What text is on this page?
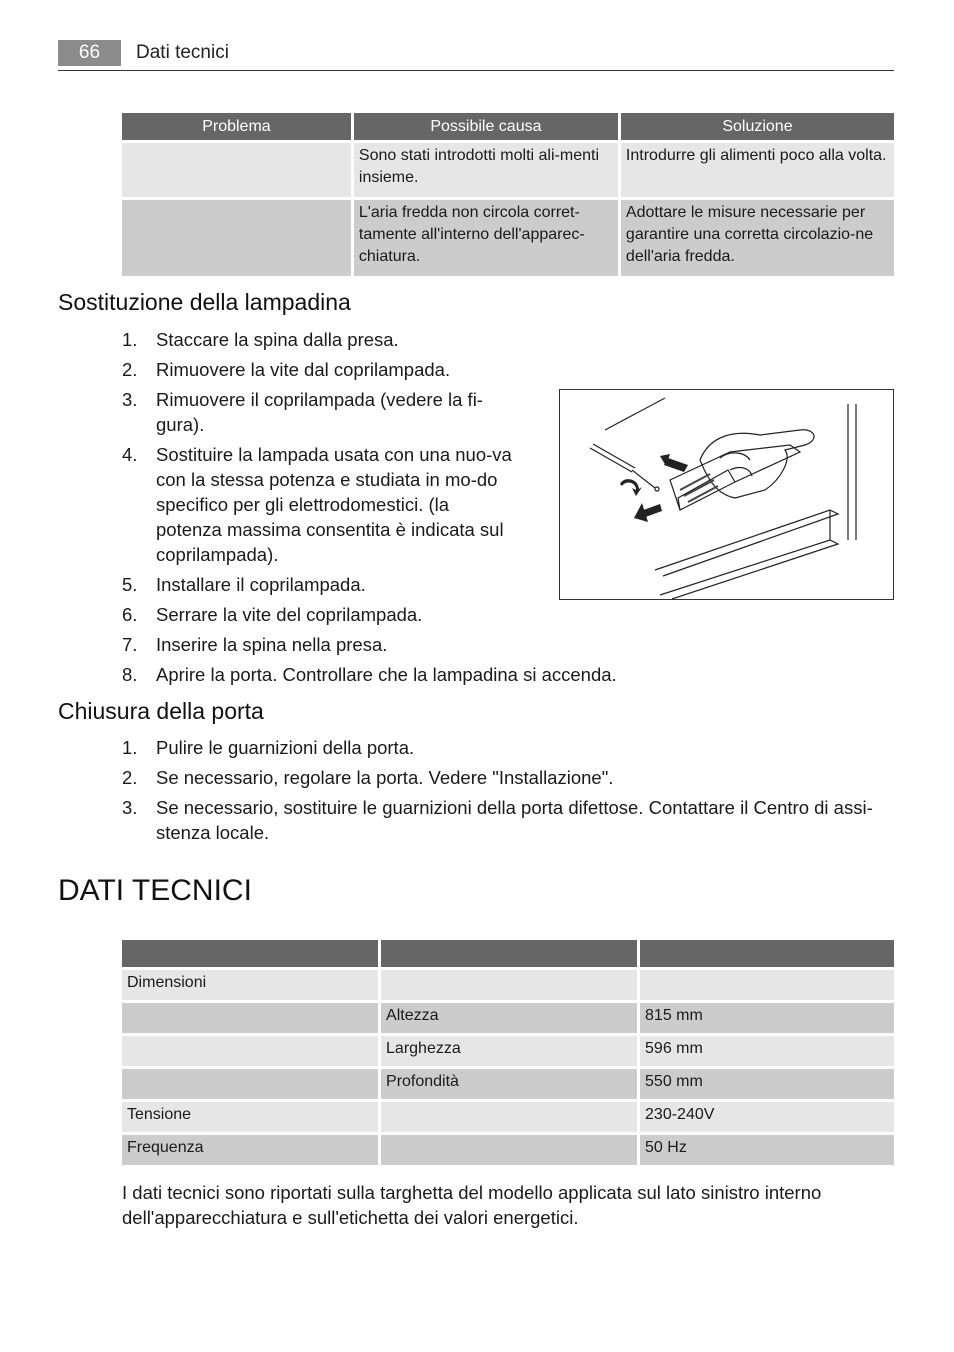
66	Dati tecnici
Problema	Possibile causa	Soluzione
	Sono stati introdotti molti ali-menti insieme.	Introdurre gli alimenti poco alla volta.
	L'aria fredda non circola corret-tamente all'interno dell'apparec-chiatura.	Adottare le misure necessarie per garantire una corretta circolazio-ne dell'aria fredda.
Sostituzione della lampadina
1. Staccare la spina dalla presa.
2. Rimuovere la vite dal coprilampada.
3. Rimuovere il coprilampada (vedere la fi-gura).
4. Sostituire la lampada usata con una nuo-va con la stessa potenza e studiata in mo-do specifico per gli elettrodomestici. (la potenza massima consentita è indicata sul coprilampada).
5. Installare il coprilampada.
6. Serrare la vite del coprilampada.
7. Inserire la spina nella presa.
8. Aprire la porta. Controllare che la lampadina si accenda.
Chiusura della porta
1. Pulire le guarnizioni della porta.
2. Se necessario, regolare la porta. Vedere "Installazione".
3. Se necessario, sostituire le guarnizioni della porta difettose. Contattare il Centro di assi-stenza locale.
DATI TECNICI

Dimensioni		
	Altezza	815 mm
	Larghezza	596 mm
	Profondità	550 mm
Tensione		230-240V
Frequenza		50 Hz

I dati tecnici sono riportati sulla targhetta del modello applicata sul lato sinistro interno dell'apparecchiatura e sull'etichetta dei valori energetici.
